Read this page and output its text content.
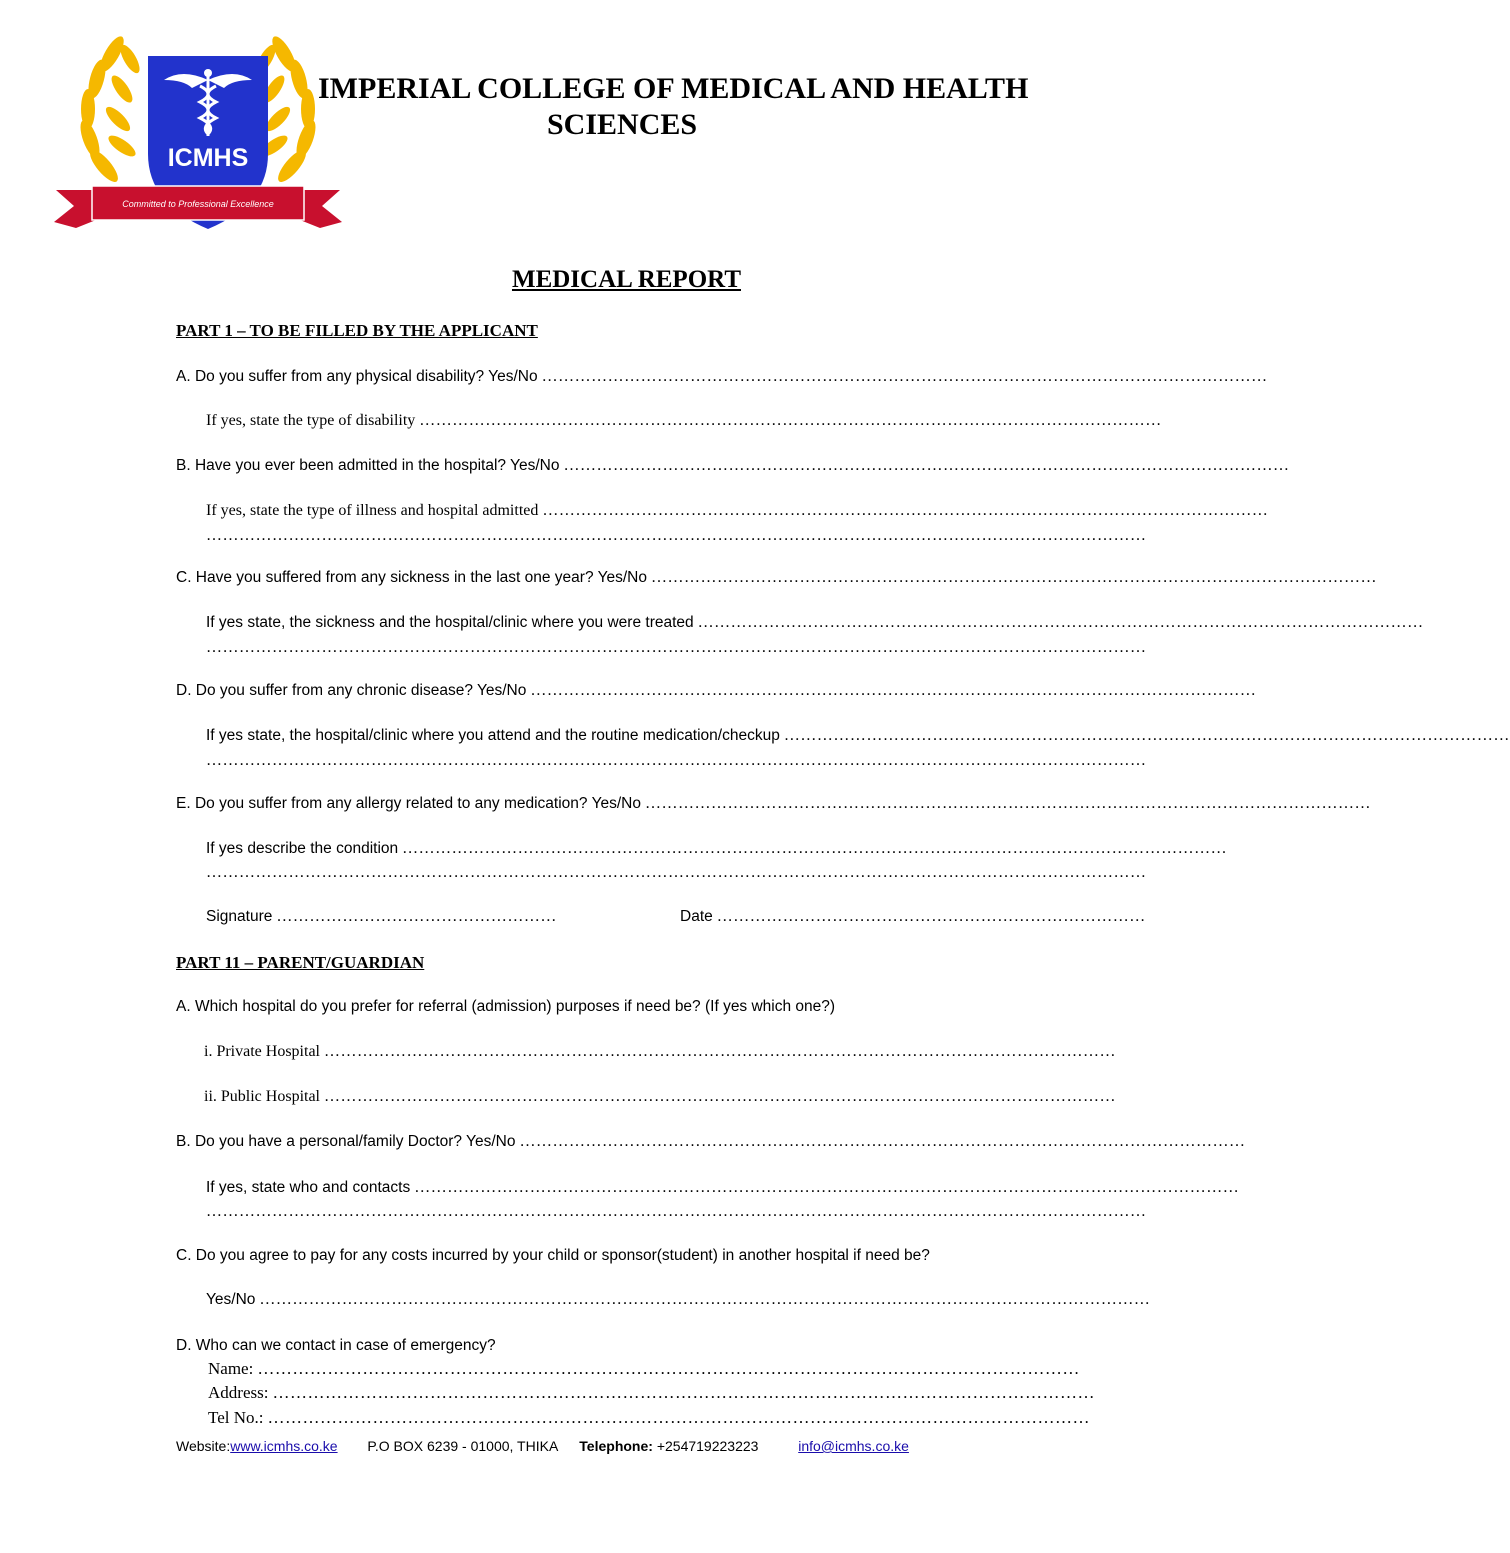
ICMHS
Committed to Professional Excellence
IMPERIAL COLLEGE OF MEDICAL AND HEALTH
SCIENCES
MEDICAL REPORT
PART 1 – TO BE FILLED BY THE APPLICANT
A. Do you suffer from any physical disability? Yes/No ……………………………………………………………………………………………………………………
If yes, state the type of disability ………………………………………………………………………………………………………………………
B. Have you ever been admitted in the hospital? Yes/No ……………………………………………………………………………………………………………………
If yes, state the type of illness and hospital admitted ……………………………………………………………………………………………………………………
………………………………………………………………………………………………………………………………………………………
C. Have you suffered from any sickness in the last one year? Yes/No ……………………………………………………………………………………………………………………
If yes state, the sickness and the hospital/clinic where you were treated ……………………………………………………………………………………………………………………
………………………………………………………………………………………………………………………………………………………
D. Do you suffer from any chronic disease? Yes/No ……………………………………………………………………………………………………………………
If yes state, the hospital/clinic where you attend and the routine medication/checkup ……………………………………………………………………………………………………………………
………………………………………………………………………………………………………………………………………………………
E. Do you suffer from any allergy related to any medication? Yes/No ……………………………………………………………………………………………………………………
If yes describe the condition ……………………………………………………………………………………………………………………………………
………………………………………………………………………………………………………………………………………………………
Signature ……………………………………………	Date ……………………………………………………………………
PART 11 – PARENT/GUARDIAN
A. Which hospital do you prefer for referral (admission) purposes if need be? (If yes which one?)
i. Private Hospital ………………………………………………………………………………………………………………………………
ii. Public Hospital ………………………………………………………………………………………………………………………………
B. Do you have a personal/family Doctor? Yes/No ……………………………………………………………………………………………………………………
If yes, state who and contacts ……………………………………………………………………………………………………………………………………
………………………………………………………………………………………………………………………………………………………
C. Do you agree to pay for any costs incurred by your child or sponsor(student) in another hospital if need be?
Yes/No ………………………………………………………………………………………………………………………………………………
D. Who can we contact in case of emergency?
Name: ……………………………………………………………………………………………………………………………
Address: ……………………………………………………………………………………………………………………………
Tel No.: ……………………………………………………………………………………………………………………………
Website:www.icmhs.co.ke P.O BOX 6239 - 01000, THIKA Telephone: +254719223223	info@icmhs.co.ke
